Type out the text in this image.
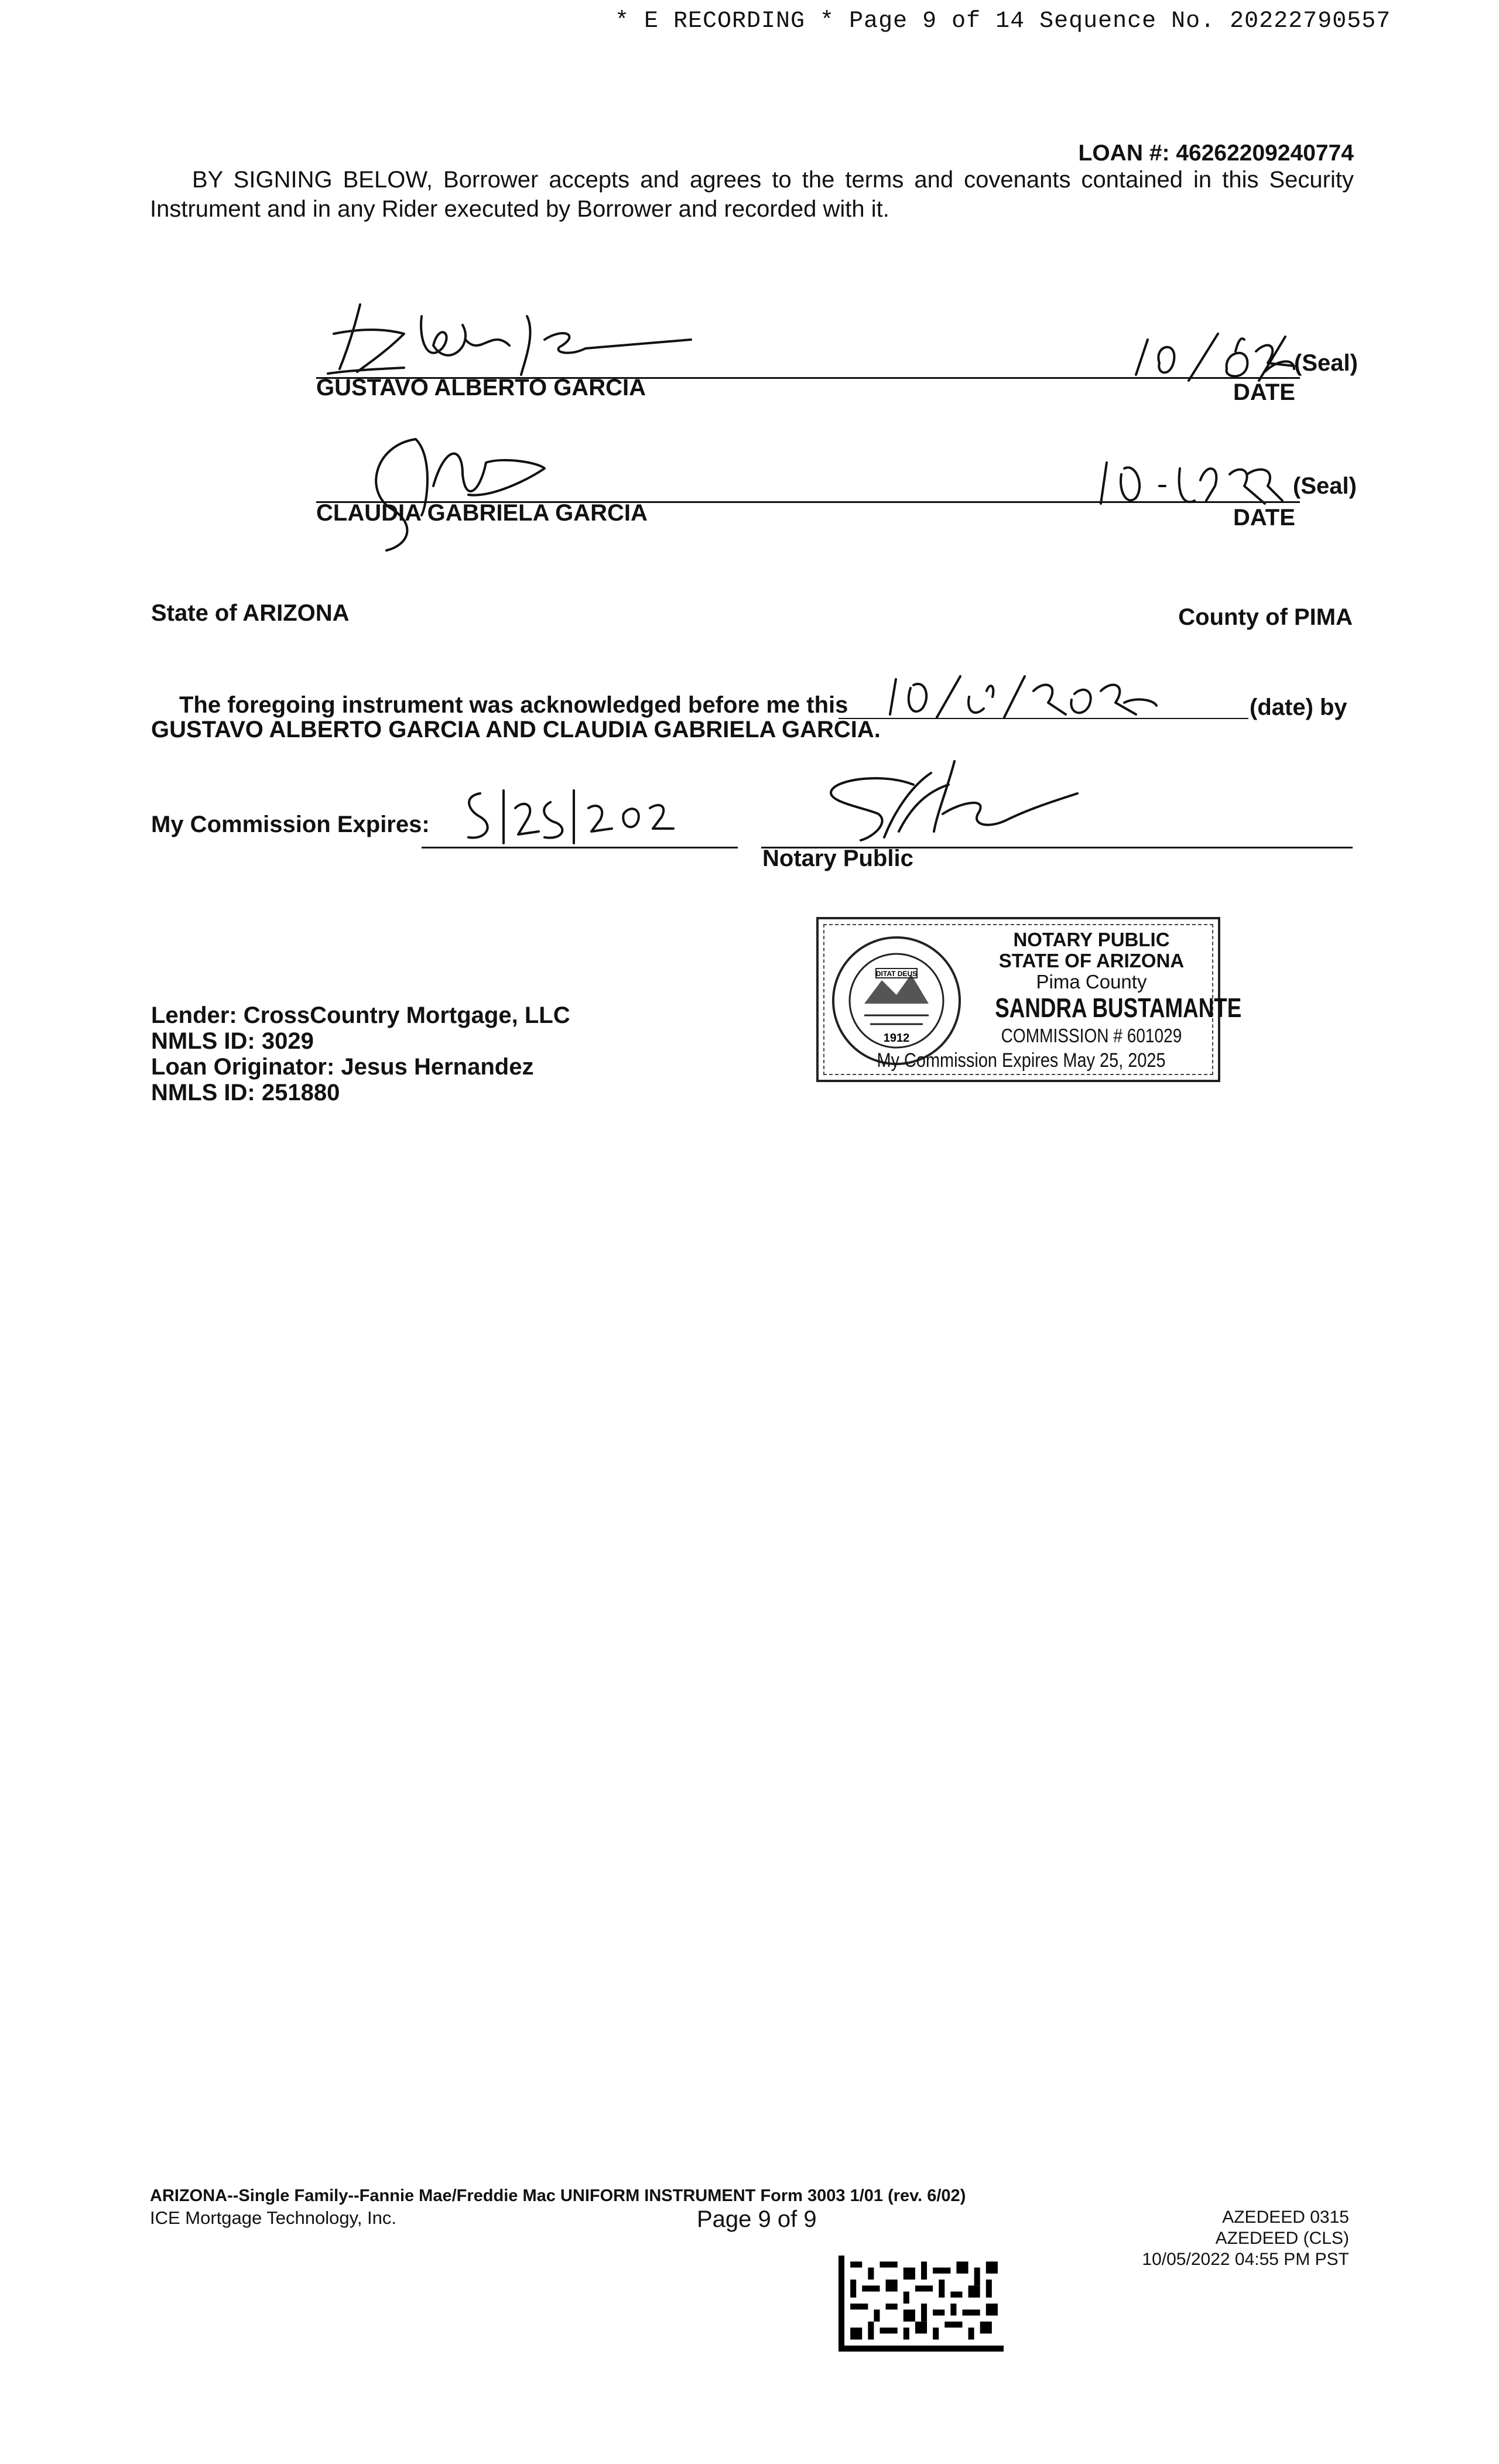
* E RECORDING * Page 9 of 14 Sequence No. 20222790557
LOAN #: 46262209240774
BY SIGNING BELOW, Borrower accepts and agrees to the terms and covenants contained in this Security Instrument and in any Rider executed by Borrower and recorded with it.
GUSTAVO ALBERTO GARCIA
(Seal)
DATE
CLAUDIA GABRIELA GARCIA
(Seal)
DATE
State of ARIZONA	County of PIMA
The foregoing instrument was acknowledged before me this	(date) by
GUSTAVO ALBERTO GARCIA AND CLAUDIA GABRIELA GARCIA.
My Commission Expires:
Notary Public
DITAT DEUS
1912
NOTARY PUBLIC
STATE OF ARIZONA
Pima County
SANDRA BUSTAMANTE
COMMISSION # 601029
My Commission Expires May 25, 2025
Lender: CrossCountry Mortgage, LLC
NMLS ID: 3029
Loan Originator: Jesus Hernandez
NMLS ID: 251880
ARIZONA--Single Family--Fannie Mae/Freddie Mac UNIFORM INSTRUMENT Form 3003 1/01 (rev. 6/02)
ICE Mortgage Technology, Inc.	Page 9 of 9	AZEDEED 0315
AZEDEED (CLS)
10/05/2022 04:55 PM PST
